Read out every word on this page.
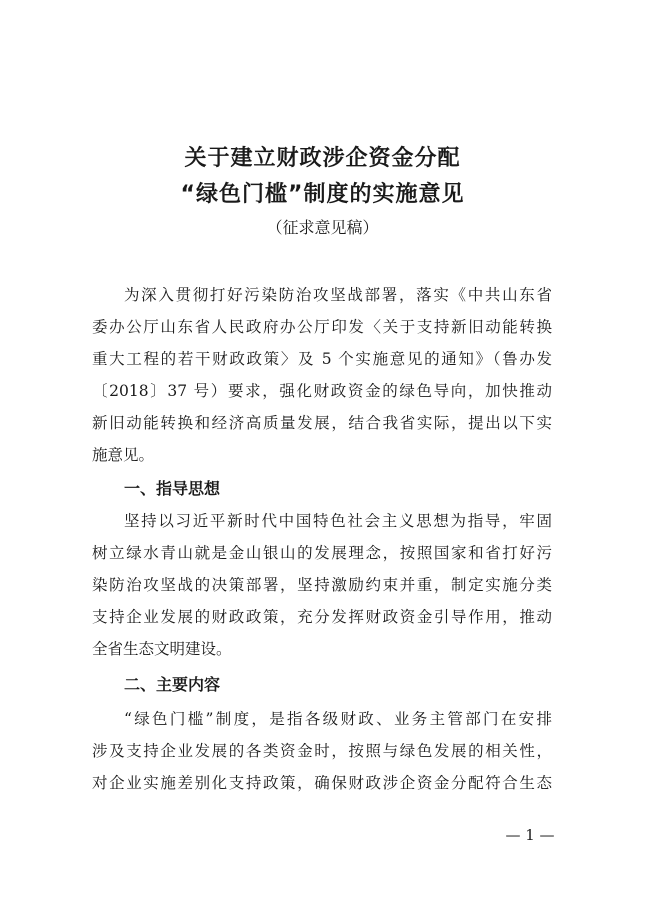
关于建立财政涉企资金分配
“绿色门槛”制度的实施意见
（征求意见稿）
为深入贯彻打好污染防治攻坚战部署，落实《中共山东省
委办公厅山东省人民政府办公厅印发〈关于支持新旧动能转换
重大工程的若干财政政策〉及 5 个实施意见的通知》（鲁办发
〔2018〕37 号）要求，强化财政资金的绿色导向，加快推动
新旧动能转换和经济高质量发展，结合我省实际，提出以下实
施意见。
一、指导思想
坚持以习近平新时代中国特色社会主义思想为指导，牢固
树立绿水青山就是金山银山的发展理念，按照国家和省打好污
染防治攻坚战的决策部署，坚持激励约束并重，制定实施分类
支持企业发展的财政政策，充分发挥财政资金引导作用，推动
全省生态文明建设。
二、主要内容
“绿色门槛”制度，是指各级财政、业务主管部门在安排
涉及支持企业发展的各类资金时，按照与绿色发展的相关性，
对企业实施差别化支持政策，确保财政涉企资金分配符合生态
— 1 —
